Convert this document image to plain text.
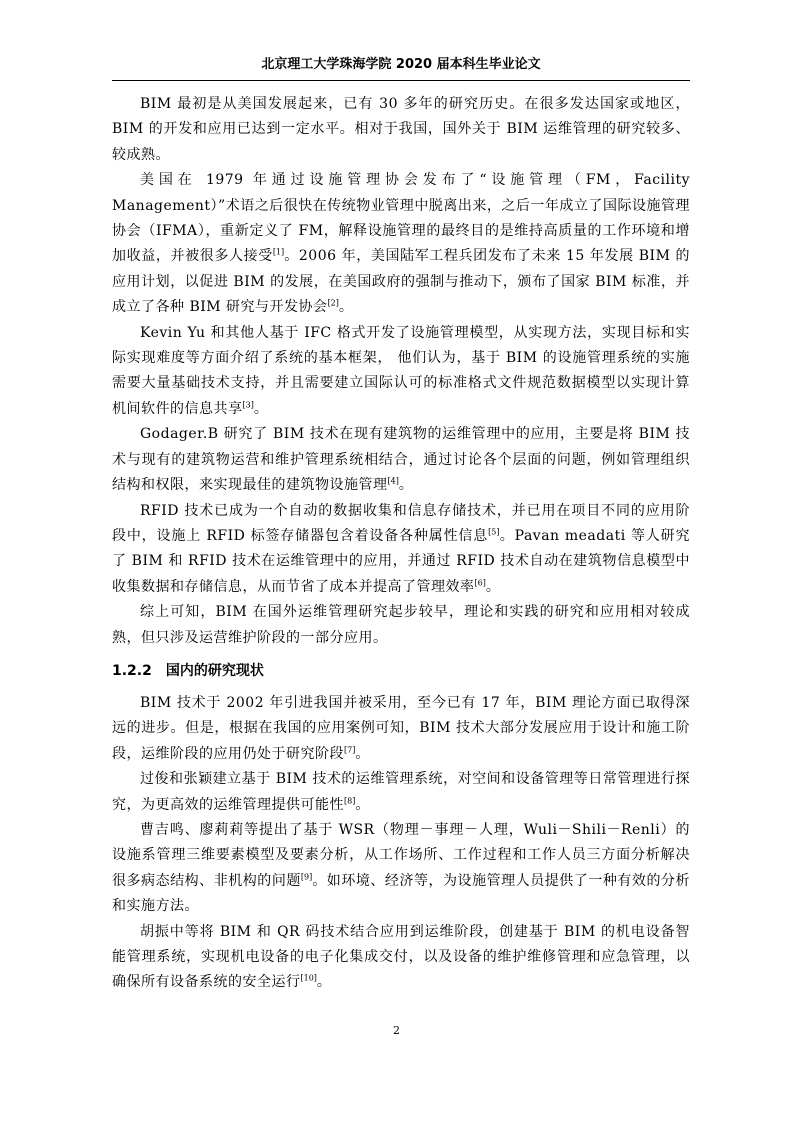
北京理工大学珠海学院 2020 届本科生毕业论文

BIM 最初是从美国发展起来，已有 30 多年的研究历史。在很多发达国家或地区，BIM 的开发和应用已达到一定水平。相对于我国，国外关于 BIM 运维管理的研究较多、较成熟。

美国在 1979 年通过设施管理协会发布了“设施管理（FM，Facility Management）”术语之后很快在传统物业管理中脱离出来，之后一年成立了国际设施管理协会（IFMA），重新定义了 FM，解释设施管理的最终目的是维持高质量的工作环境和增加收益，并被很多人接受[1]。2006 年，美国陆军工程兵团发布了未来 15 年发展 BIM 的应用计划，以促进 BIM 的发展，在美国政府的强制与推动下，颁布了国家 BIM 标准，并成立了各种 BIM 研究与开发协会[2]。

Kevin Yu 和其他人基于 IFC 格式开发了设施管理模型，从实现方法，实现目标和实际实现难度等方面介绍了系统的基本框架， 他们认为，基于 BIM 的设施管理系统的实施需要大量基础技术支持，并且需要建立国际认可的标准格式文件规范数据模型以实现计算机间软件的信息共享[3]。

Godager.B 研究了 BIM 技术在现有建筑物的运维管理中的应用，主要是将 BIM 技术与现有的建筑物运营和维护管理系统相结合，通过讨论各个层面的问题，例如管理组织结构和权限，来实现最佳的建筑物设施管理[4]。

RFID 技术已成为一个自动的数据收集和信息存储技术，并已用在项目不同的应用阶段中，设施上 RFID 标签存储器包含着设备各种属性信息[5]。Pavan meadati 等人研究了 BIM 和 RFID 技术在运维管理中的应用，并通过 RFID 技术自动在建筑物信息模型中收集数据和存储信息，从而节省了成本并提高了管理效率[6]。

综上可知，BIM 在国外运维管理研究起步较早，理论和实践的研究和应用相对较成熟，但只涉及运营维护阶段的一部分应用。

1.2.2 国内的研究现状

BIM 技术于 2002 年引进我国并被采用，至今已有 17 年，BIM 理论方面已取得深远的进步。但是，根据在我国的应用案例可知，BIM 技术大部分发展应用于设计和施工阶段，运维阶段的应用仍处于研究阶段[7]。

过俊和张颖建立基于 BIM 技术的运维管理系统，对空间和设备管理等日常管理进行探究，为更高效的运维管理提供可能性[8]。

曹吉鸣、廖莉莉等提出了基于 WSR（物理－事理－人理，Wuli－Shili－Renli）的设施系管理三维要素模型及要素分析，从工作场所、工作过程和工作人员三方面分析解决很多病态结构、非机构的问题[9]。如环境、经济等，为设施管理人员提供了一种有效的分析和实施方法。

胡振中等将 BIM 和 QR 码技术结合应用到运维阶段，创建基于 BIM 的机电设备智能管理系统，实现机电设备的电子化集成交付，以及设备的维护维修管理和应急管理，以确保所有设备系统的安全运行[10]。

2
